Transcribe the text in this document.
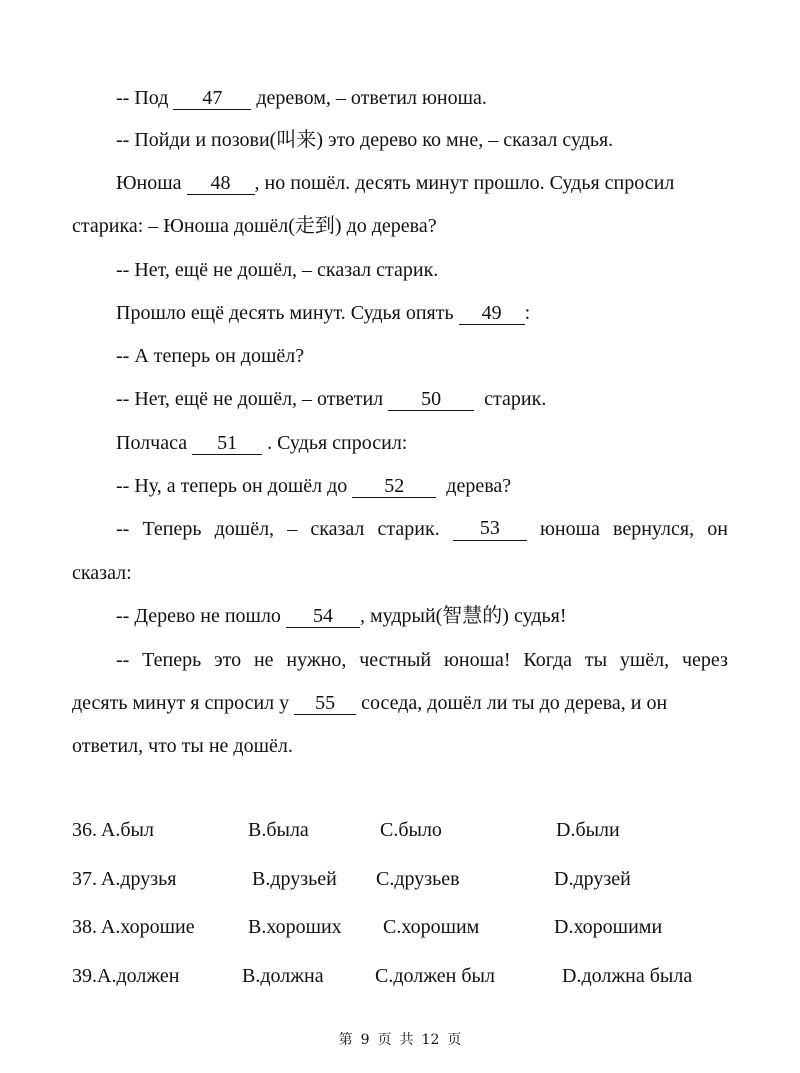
-- Под 47 деревом, – ответил юноша.
-- Пойди и позови(叫来) это дерево ко мне, – сказал судья.
Юноша 48 , но пошёл. десять минут прошло. Судья спросил
старика: – Юноша дошёл(走到) до дерева?
-- Нет, ещё не дошёл, – сказал старик.
Прошло ещё десять минут. Судья опять 49 :
-- А теперь он дошёл?
-- Нет, ещё не дошёл, – ответил 50  старик.
Полчаса 51 . Судья спросил:
-- Ну, а теперь он дошёл до 52  дерева?
-- Теперь дошёл, – сказал старик.	53	юноша вернулся, он
сказал:
-- Дерево не пошло 54 , мудрый(智慧的) судья!
-- Теперь это не нужно, честный юноша! Когда ты ушёл, через
десять минут я спросил у 55 соседа, дошёл ли ты до дерева, и он
ответил, что ты не дошёл.
36. A.был	B.была	C.было	D.были
37. A.друзья	B.друзьей C.друзьев	D.друзей
38. A.хорошие	B.хороших C.хорошим	D.хорошими
39.A.должен	B.должна	C.должен был	D.должна была
第 9 页 共 12 页
